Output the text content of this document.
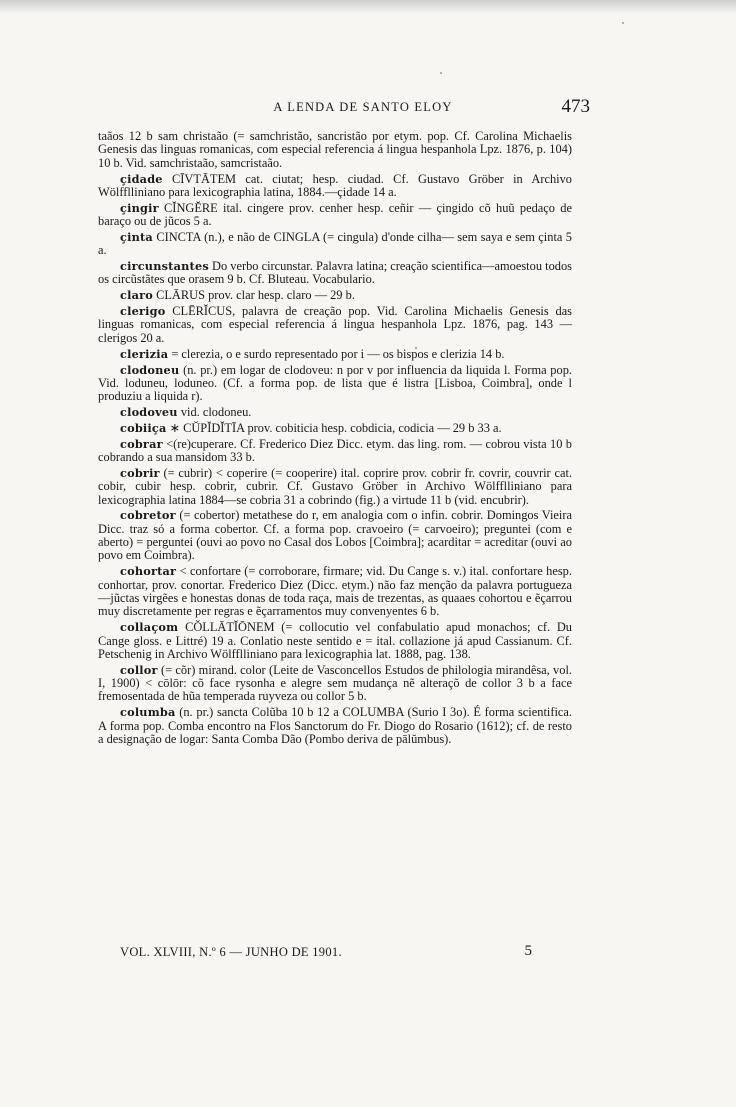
A LENDA DE SANTO ELOY	473

taãos 12 b sam christaão (= samchristão, sancristão por etym. pop. Cf. Carolina Michaelis Genesis das linguas romanicas, com especial referencia á lingua hespanhola Lpz. 1876, p. 104) 10 b. Vid. samchristaão, samcristaão.

çidade CĪVTĀTEM cat. ciutat; hesp. ciudad. Cf. Gustavo Gröber in Archivo Wölfflliniano para lexicographia latina, 1884.—çidade 14 a.

çingir CĬNGĔRE ital. cingere prov. cenher hesp. ceñir — çingido cõ huũ pedaço de baraço ou de jũcos 5 a.

çinta CINCTA (n.), e não de CINGLA (= cingula) d'onde cilha— sem saya e sem çinta 5 a.

circunstantes Do verbo circunstar. Palavra latina; creação scientifica—amoestou todos os circũstãtes que orasem 9 b. Cf. Bluteau. Vocabulario.

claro CLĀRUS prov. clar hesp. claro — 29 b.

clerigo CLĒRĬCUS, palavra de creação pop. Vid. Carolina Michaelis Genesis das linguas romanicas, com especial referencia á lingua hespanhola Lpz. 1876, pag. 143 — clerigos 20 a.

clerizia = clerezia, o e surdo representado por i — os bispos e clerizia 14 b.

clodoneu (n. pr.) em logar de clodoveu: n por v por influencia da liquida l. Forma pop. Vid. loduneu, loduneo. (Cf. a forma pop. de lista que é listra [Lisboa, Coimbra], onde l produziu a liquida r).

clodoveu vid. clodoneu.

cobiiça ∗ CŬPĬDĬTĪA prov. cobiticia hesp. cobdicia, codicia — 29 b 33 a.

cobrar <(re)cuperare. Cf. Frederico Diez Dicc. etym. das ling. rom. — cobrou vista 10 b cobrando a sua mansidom 33 b.

cobrir (= cubrir) < coperire (= cooperire) ital. coprire prov. cobrir fr. covrir, couvrir cat. cobir, cubir hesp. cobrir, cubrir. Cf. Gustavo Gröber in Archivo Wölfflliniano para lexicographia latina 1884—se cobria 31 a cobrindo (fig.) a virtude 11 b (vid. encubrir).

cobretor (= cobertor) metathese do r, em analogia com o infin. cobrir. Domingos Vieira Dicc. traz só a forma cobertor. Cf. a forma pop. cravoeiro (= carvoeiro); preguntei (com e aberto) = perguntei (ouvi ao povo no Casal dos Lobos [Coimbra]; acarditar = acreditar (ouvi ao povo em Coimbra).

cohortar < confortare (= corroborare, firmare; vid. Du Cange s. v.) ital. confortare hesp. conhortar, prov. conortar. Frederico Diez (Dicc. etym.) não faz menção da palavra portugueza—jũctas virgẽes e honestas donas de toda raça, mais de trezentas, as quaaes cohortou e ẽçarrou muy discretamente per regras e ẽçarramentos muy convenyentes 6 b.

collaçom CŎLLĀTĬŌNEM (= collocutio vel confabulatio apud monachos; cf. Du Cange gloss. e Littré) 19 a. Conlatio neste sentido e = ital. collazione já apud Cassianum. Cf. Petschenig in Archivo Wölfflliniano para lexicographia lat. 1888, pag. 138.

collor (= cõr) mirand. color (Leite de Vasconcellos Estudos de philologia mirandêsa, vol. I, 1900) < cōlōr: cõ face rysonha e alegre sem mudança nẽ alteraçõ de collor 3 b a face fremosentada de hũa temperada ruyveza ou collor 5 b.

columba (n. pr.) sancta Colũba 10 b 12 a COLUMBA (Surio I 3o). É forma scientifica. A forma pop. Comba encontro na Flos Sanctorum do Fr. Diogo do Rosario (1612); cf. de resto a designação de logar: Santa Comba Dão (Pombo deriva de pālŭmbus).

VOL. XLVIII, N.º 6 — JUNHO DE 1901.	5
